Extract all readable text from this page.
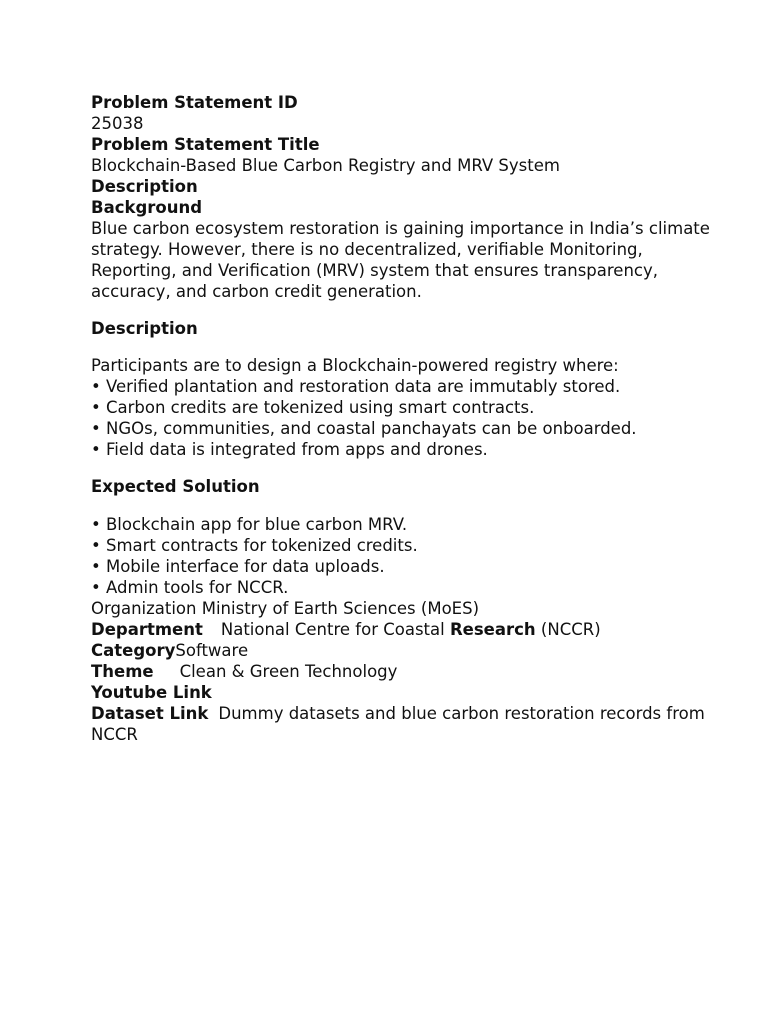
Problem Statement ID
25038
Problem Statement Title
Blockchain-Based Blue Carbon Registry and MRV System
Description
Background
Blue carbon ecosystem restoration is gaining importance in India’s climate strategy. However, there is no decentralized, verifiable Monitoring, Reporting, and Verification (MRV) system that ensures transparency, accuracy, and carbon credit generation.
Description
Participants are to design a Blockchain-powered registry where:
• Verified plantation and restoration data are immutably stored.
• Carbon credits are tokenized using smart contracts.
• NGOs, communities, and coastal panchayats can be onboarded.
• Field data is integrated from apps and drones.
Expected Solution
• Blockchain app for blue carbon MRV.
• Smart contracts for tokenized credits.
• Mobile interface for data uploads.
• Admin tools for NCCR.
Organization Ministry of Earth Sciences (MoES)
Department National Centre for Coastal Research (NCCR)
CategorySoftware
Theme Clean & Green Technology
Youtube Link
Dataset Link Dummy datasets and blue carbon restoration records from NCCR
